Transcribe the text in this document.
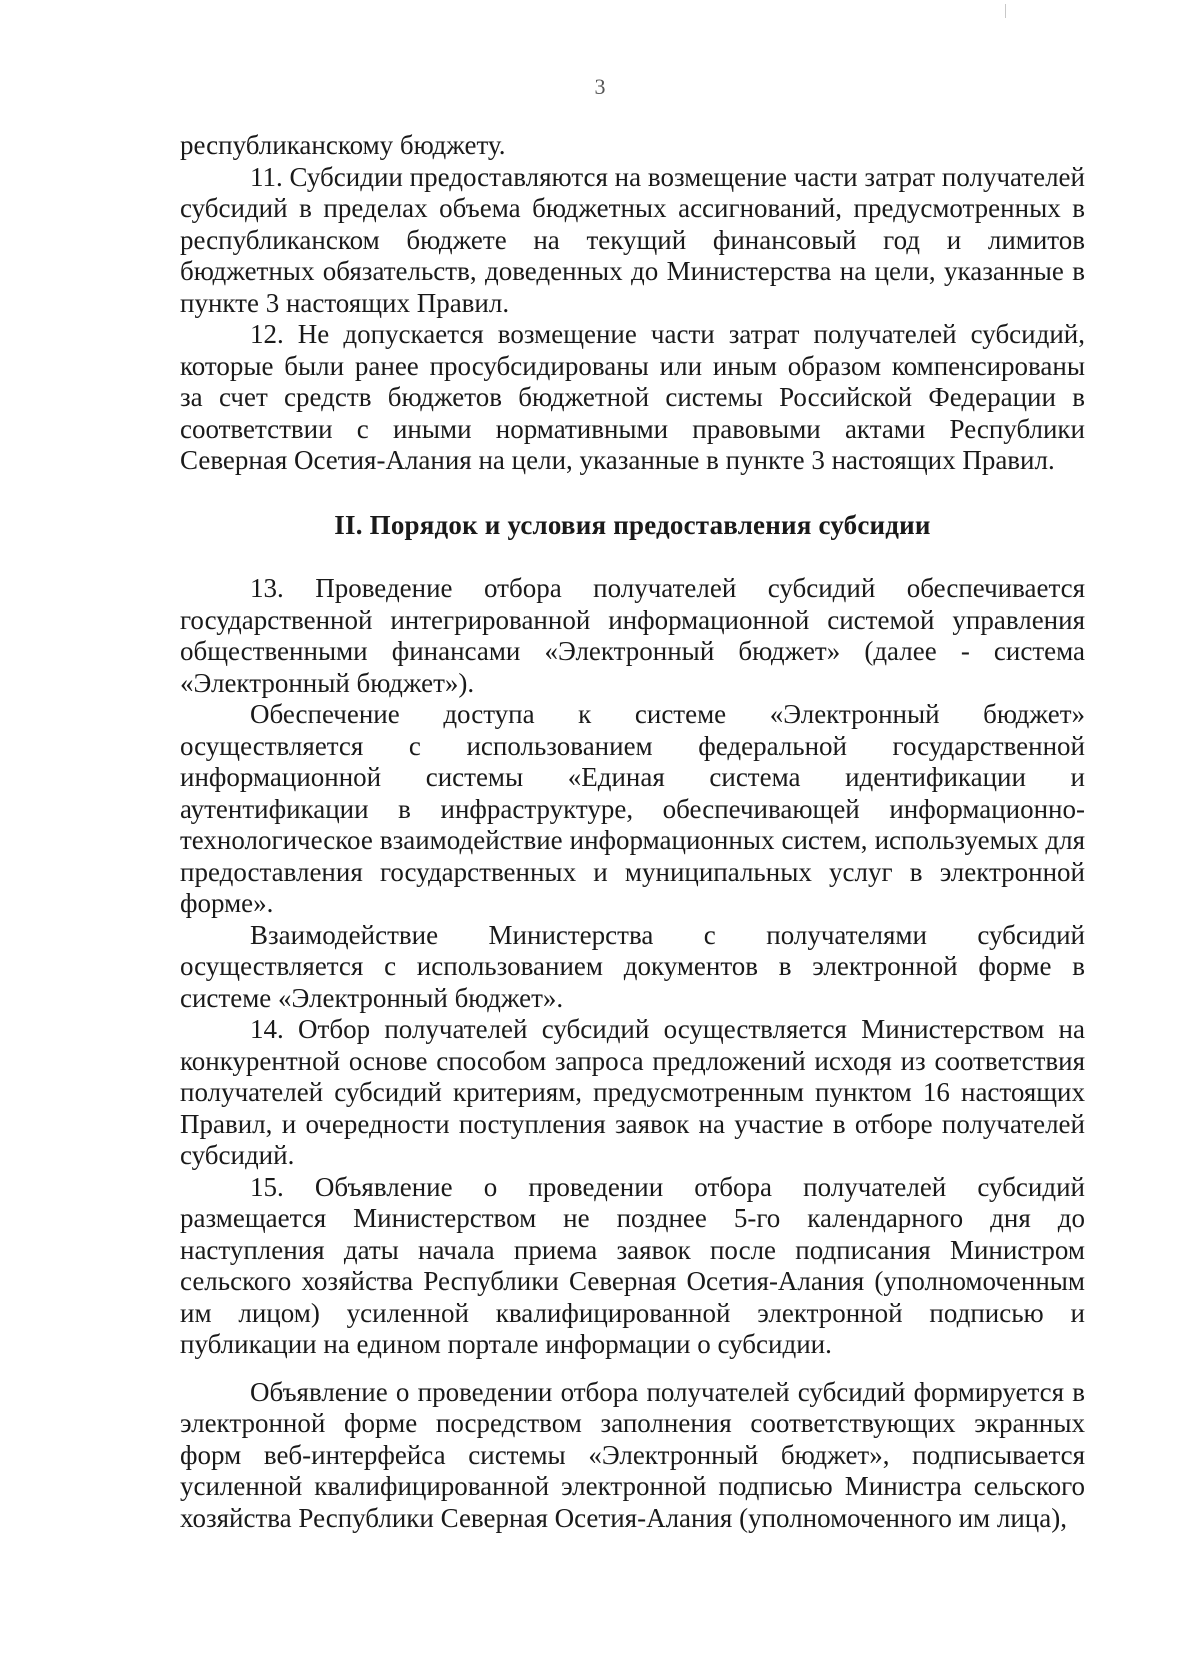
3

республиканскому бюджету.

11. Субсидии предоставляются на возмещение части затрат получателей субсидий в пределах объема бюджетных ассигнований, предусмотренных в республиканском бюджете на текущий финансовый год и лимитов бюджетных обязательств, доведенных до Министерства на цели, указанные в пункте 3 настоящих Правил.

12. Не допускается возмещение части затрат получателей субсидий, которые были ранее просубсидированы или иным образом компенсированы за счет средств бюджетов бюджетной системы Российской Федерации в соответствии с иными нормативными правовыми актами Республики Северная Осетия-Алания на цели, указанные в пункте 3 настоящих Правил.

II. Порядок и условия предоставления субсидии

13. Проведение отбора получателей субсидий обеспечивается государственной интегрированной информационной системой управления общественными финансами «Электронный бюджет» (далее - система «Электронный бюджет»).

Обеспечение доступа к системе «Электронный бюджет» осуществляется с использованием федеральной государственной информационной системы «Единая система идентификации и аутентификации в инфраструктуре, обеспечивающей информационно-технологическое взаимодействие информационных систем, используемых для предоставления государственных и муниципальных услуг в электронной форме».

Взаимодействие Министерства с получателями субсидий осуществляется с использованием документов в электронной форме в системе «Электронный бюджет».

14. Отбор получателей субсидий осуществляется Министерством на конкурентной основе способом запроса предложений исходя из соответствия получателей субсидий критериям, предусмотренным пунктом 16 настоящих Правил, и очередности поступления заявок на участие в отборе получателей субсидий.

15. Объявление о проведении отбора получателей субсидий размещается Министерством не позднее 5-го календарного дня до наступления даты начала приема заявок после подписания Министром сельского хозяйства Республики Северная Осетия-Алания (уполномоченным им лицом) усиленной квалифицированной электронной подписью и публикации на едином портале информации о субсидии.

Объявление о проведении отбора получателей субсидий формируется в электронной форме посредством заполнения соответствующих экранных форм веб-интерфейса системы «Электронный бюджет», подписывается усиленной квалифицированной электронной подписью Министра сельского хозяйства Республики Северная Осетия-Алания (уполномоченного им лица),
